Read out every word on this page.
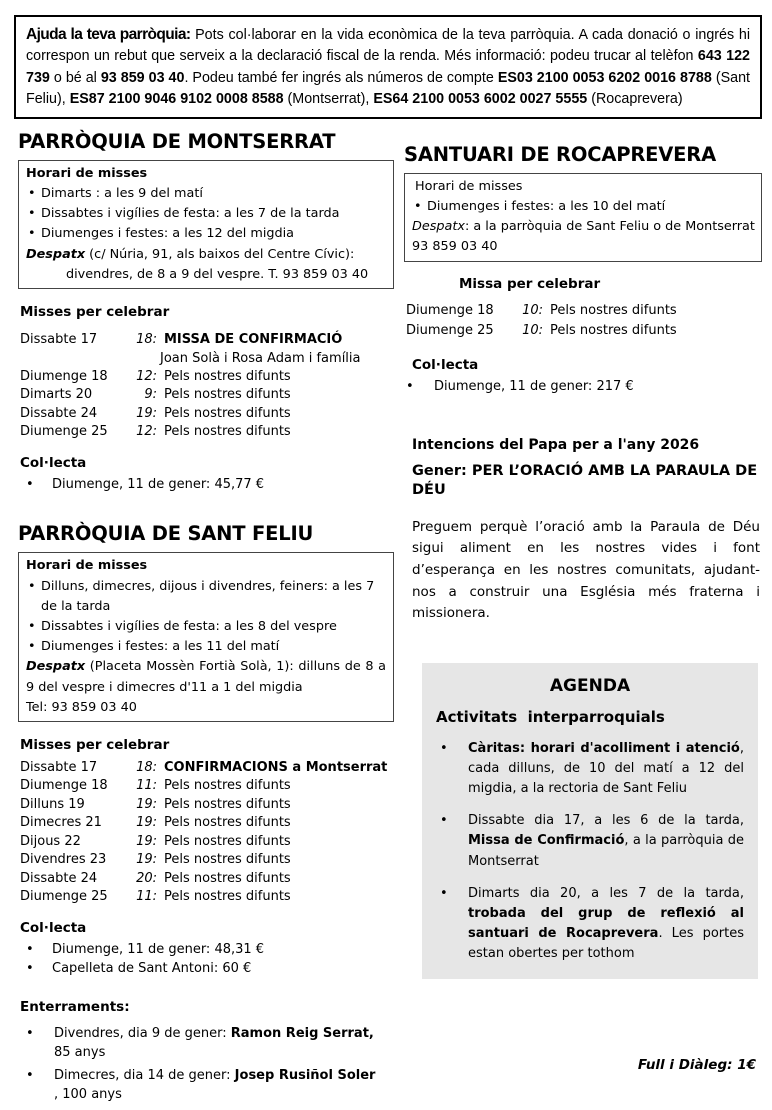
Ajuda la teva parròquia: Pots col·laborar en la vida econòmica de la teva parròquia. A cada donació o ingrés hi correspon un rebut que serveix a la declaració fiscal de la renda. Més informació: podeu trucar al telèfon 643 122 739 o bé al 93 859 03 40. Podeu també fer ingrés als números de compte ES03 2100 0053 6202 0016 8788 (Sant Feliu), ES87 2100 9046 9102 0008 8588 (Montserrat), ES64 2100 0053 6002 0027 5555 (Rocaprevera)
PARRÒQUIA DE MONTSERRAT
Horari de misses
• Dimarts : a les 9 del matí
• Dissabtes i vigílies de festa: a les 7 de la tarda
• Diumenges i festes: a les 12 del migdia
Despatx (c/ Núria, 91, als baixos del Centre Cívic):
divendres, de 8 a 9 del vespre. T. 93 859 03 40
Misses per celebrar
Dissabte 17	18: MISSA DE CONFIRMACIÓ
Joan Solà i Rosa Adam i família
Diumenge 18	12: Pels nostres difunts
Dimarts 20	9: Pels nostres difunts
Dissabte 24	19: Pels nostres difunts
Diumenge 25	12: Pels nostres difunts
Col·lecta
• Diumenge, 11 de gener: 45,77 €
PARRÒQUIA DE SANT FELIU
Horari de misses
• Dilluns, dimecres, dijous i divendres, feiners: a les 7 de la tarda
• Dissabtes i vigílies de festa: a les 8 del vespre
• Diumenges i festes: a les 11 del matí
Despatx (Placeta Mossèn Fortià Solà, 1): dilluns de 8 a 9 del vespre i dimecres d'11 a 1 del migdia
Tel: 93 859 03 40
Misses per celebrar
Dissabte 17	18: CONFIRMACIONS a Montserrat
Diumenge 18	11: Pels nostres difunts
Dilluns 19	19: Pels nostres difunts
Dimecres 21	19: Pels nostres difunts
Dijous 22	19: Pels nostres difunts
Divendres 23	19: Pels nostres difunts
Dissabte 24	20: Pels nostres difunts
Diumenge 25	11: Pels nostres difunts
Col·lecta
• Diumenge, 11 de gener: 48,31 €
• Capelleta de Sant Antoni: 60 €
Enterraments:
• Divendres, dia 9 de gener: Ramon Reig Serrat,
85 anys
• Dimecres, dia 14 de gener: Josep Rusiñol Soler
, 100 anys
SANTUARI DE ROCAPREVERA
Horari de misses
• Diumenges i festes: a les 10 del matí
Despatx: a la parròquia de Sant Feliu o de Montserrat
93 859 03 40
Missa per celebrar
Diumenge 18	10: Pels nostres difunts
Diumenge 25	10: Pels nostres difunts
Col·lecta
• Diumenge, 11 de gener: 217 €

Intencions del Papa per a l'any 2026

Gener: PER L’ORACIÓ AMB LA PARAULA DE DÉU

Preguem perquè l’oració amb la Paraula de Déu sigui aliment en les nostres vides i font d’esperança en les nostres comunitats, ajudant-nos a construir una Església més fraterna i missionera.

AGENDA

Activitats  interparroquials

• Càritas: horari d'acolliment i atenció, cada dilluns, de 10 del matí a 12 del migdia, a la rectoria de Sant Feliu
• Dissabte dia 17, a les 6 de la tarda, Missa de Confirmació, a la parròquia de Montserrat
• Dimarts dia 20, a les 7 de la tarda, trobada del grup de reflexió al santuari de Rocaprevera. Les portes estan obertes per tothom
Full i Diàleg: 1€
